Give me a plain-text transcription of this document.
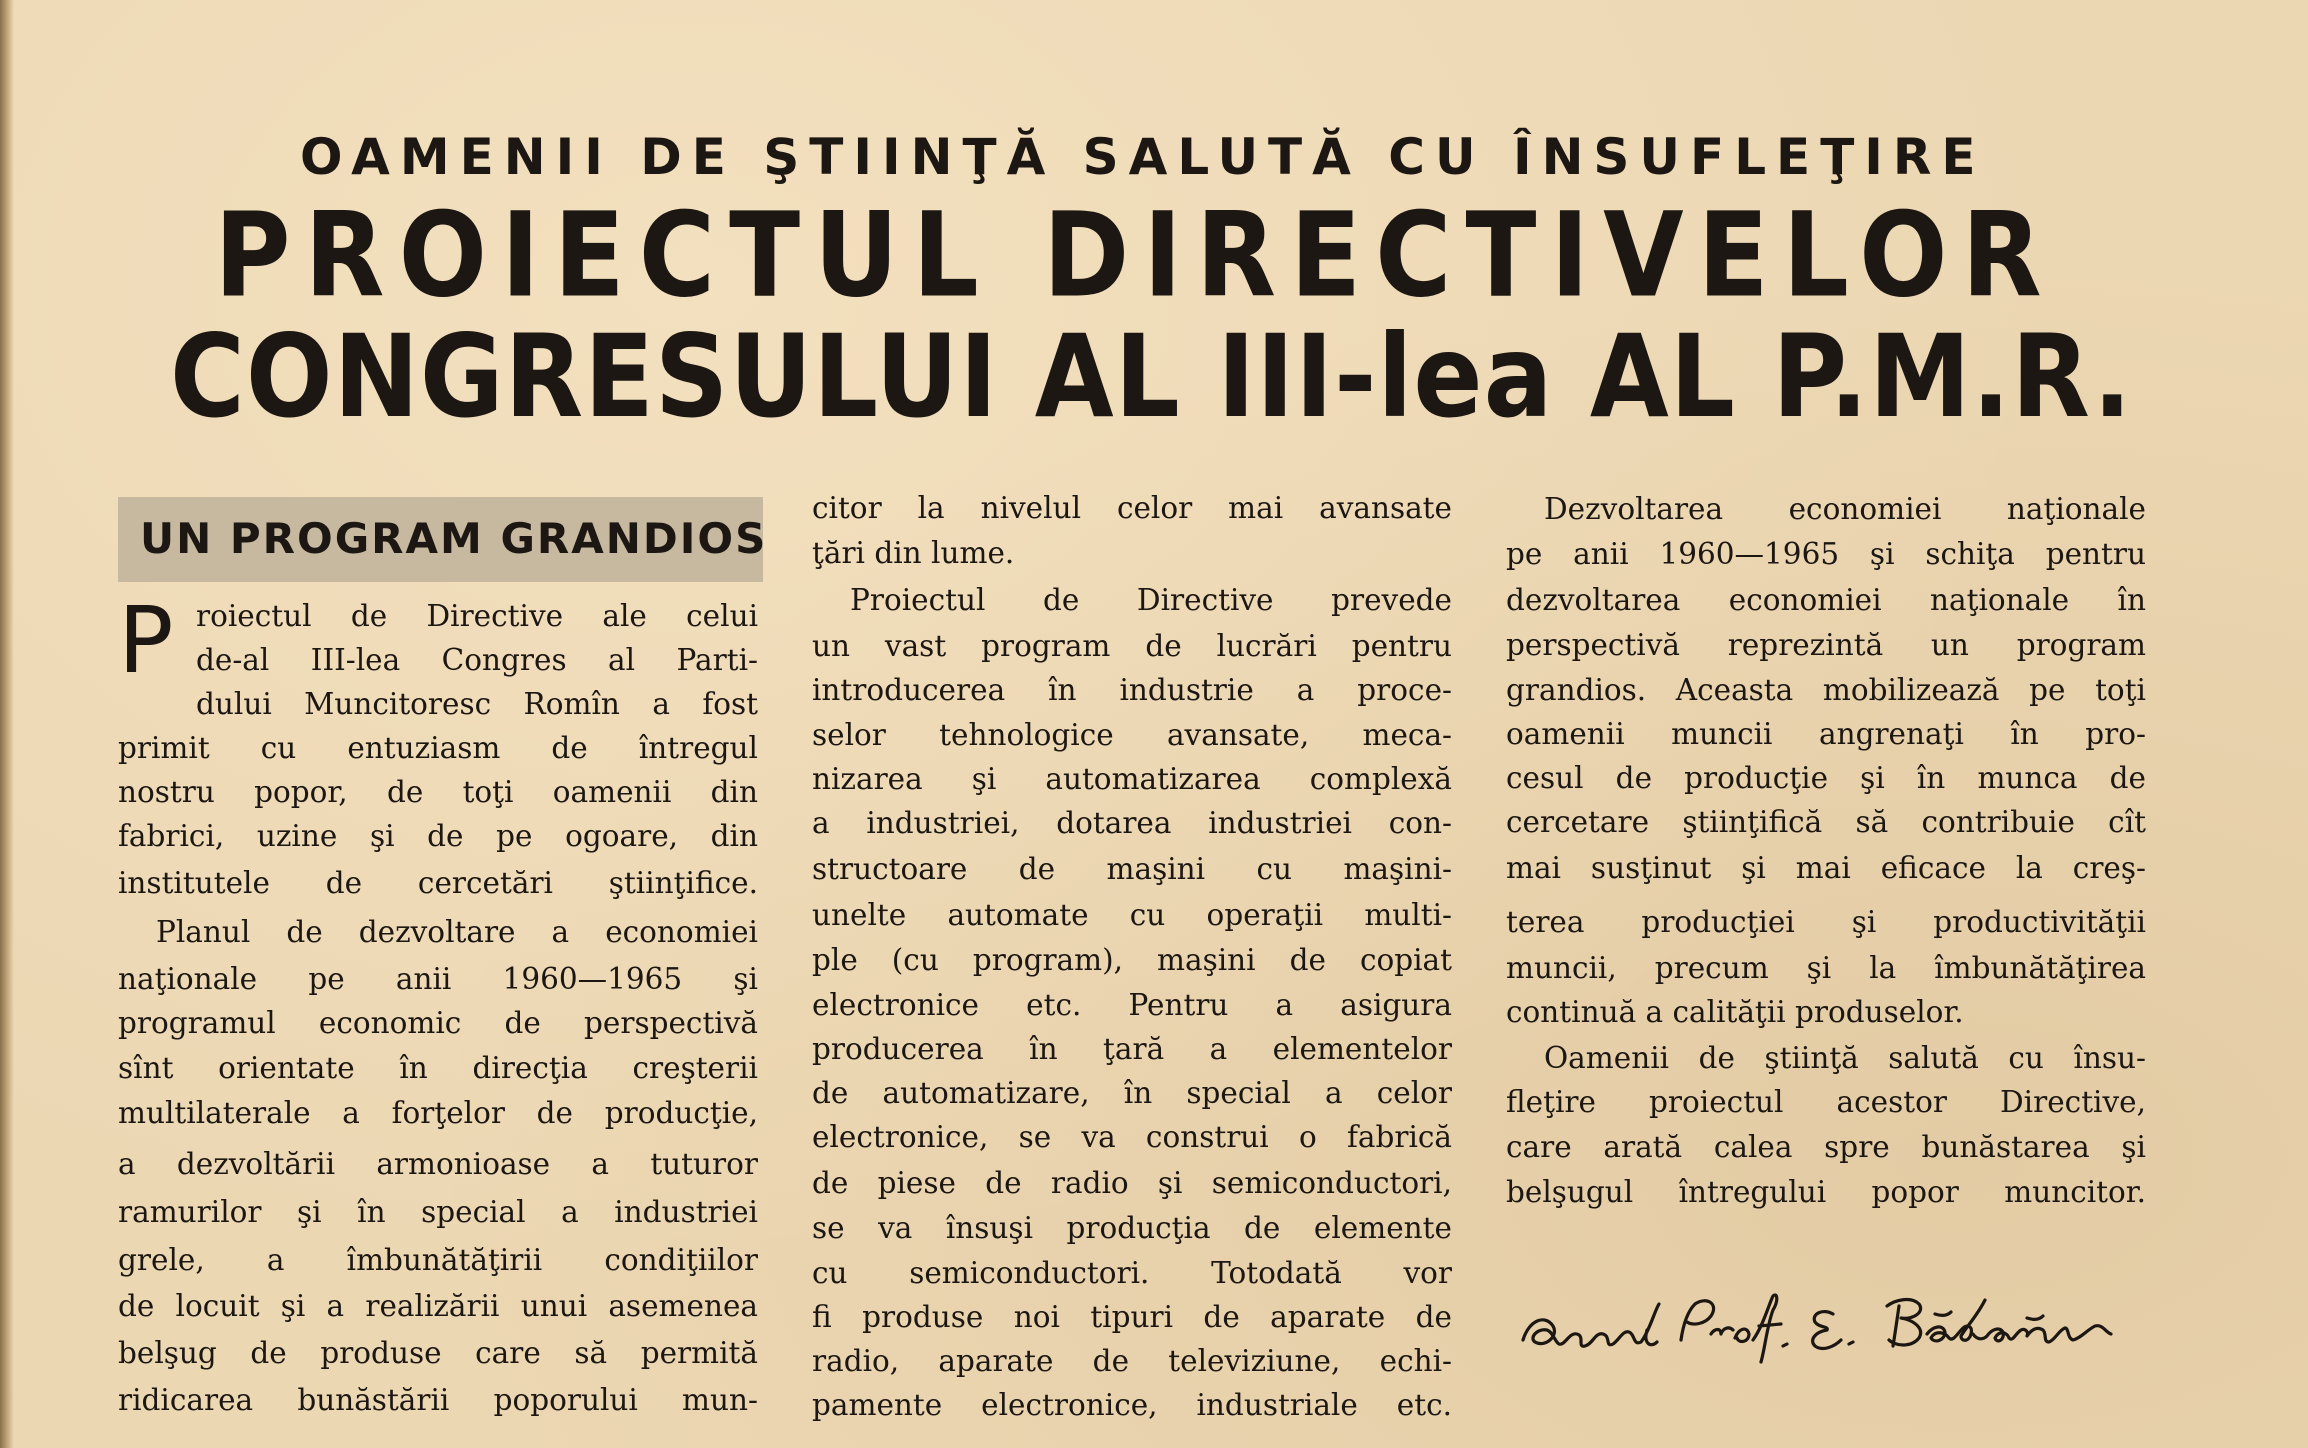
OAMENII DE ŞTIINŢĂ SALUTĂ CU ÎNSUFLEŢIRE
PROIECTUL DIRECTIVELOR
CONGRESULUI AL III-lea AL P.M.R.
UN PROGRAM GRANDIOS
P roiectul de Directive ale celui
de-al III-lea Congres al Parti-
dului Muncitoresc Romîn a fost
primit cu entuziasm de întregul
nostru popor, de toţi oamenii din
fabrici, uzine şi de pe ogoare, din
institutele de cercetări ştiinţifice.
Planul de dezvoltare a economiei
naţionale pe anii 1960—1965 şi
programul economic de perspectivă
sînt orientate în direcţia creşterii
multilaterale a forţelor de producţie,
a dezvoltării armonioase a tuturor
ramurilor şi în special a industriei
grele, a îmbunătăţirii condiţiilor
de locuit şi a realizării unui asemenea
belşug de produse care să permită
ridicarea bunăstării poporului mun-
citor la nivelul celor mai avansate
ţări din lume.
Proiectul de Directive prevede
un vast program de lucrări pentru
introducerea în industrie a proce-
selor tehnologice avansate, meca-
nizarea şi automatizarea complexă
a industriei, dotarea industriei con-
structoare de maşini cu maşini-
unelte automate cu operaţii multi-
ple (cu program), maşini de copiat
electronice etc. Pentru a asigura
producerea în ţară a elementelor
de automatizare, în special a celor
electronice, se va construi o fabrică
de piese de radio şi semiconductori,
se va însuşi producţia de elemente
cu semiconductori. Totodată vor
fi produse noi tipuri de aparate de
radio, aparate de televiziune, echi-
pamente electronice, industriale etc.
Dezvoltarea economiei naţionale
pe anii 1960—1965 şi schiţa pentru
dezvoltarea economiei naţionale în
perspectivă reprezintă un program
grandios. Aceasta mobilizează pe toţi
oamenii muncii angrenaţi în pro-
cesul de producţie şi în munca de
cercetare ştiinţifică să contribuie cît
mai susţinut şi mai eficace la creş-
terea producţiei şi productivităţii
muncii, precum şi la îmbunătăţirea
continuă a calităţii produselor.
Oamenii de ştiinţă salută cu însu-
fleţire proiectul acestor Directive,
care arată calea spre bunăstarea şi
belşugul întregului popor muncitor.
